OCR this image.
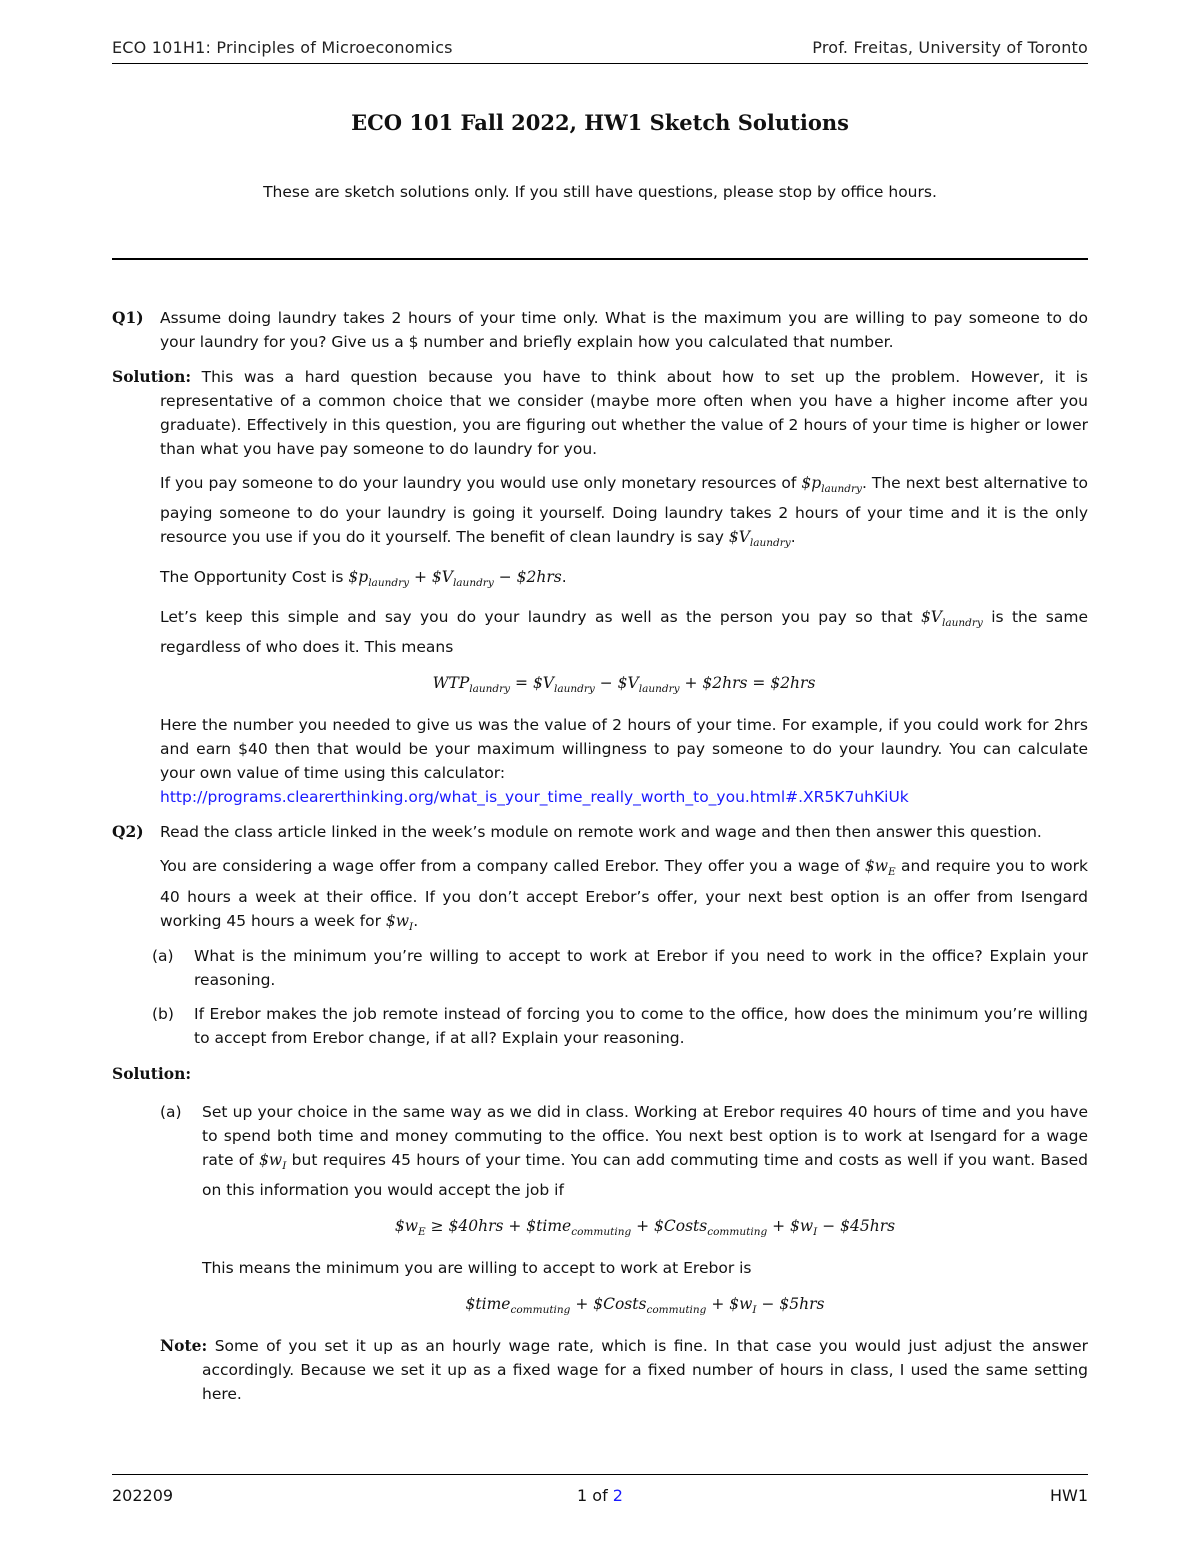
ECO 101H1: Principles of Microeconomics	Prof. Freitas, University of Toronto
ECO 101 Fall 2022, HW1 Sketch Solutions
These are sketch solutions only. If you still have questions, please stop by office hours.
Q1) Assume doing laundry takes 2 hours of your time only. What is the maximum you are willing to pay someone to do your laundry for you? Give us a $ number and briefly explain how you calculated that number.

Solution: This was a hard question because you have to think about how to set up the problem. However, it is representative of a common choice that we consider (maybe more often when you have a higher income after you graduate). Effectively in this question, you are figuring out whether the value of 2 hours of your time is higher or lower than what you have pay someone to do laundry for you.

If you pay someone to do your laundry you would use only monetary resources of $\$p_{laundry}$. The next best alternative to paying someone to do your laundry is going it yourself. Doing laundry takes 2 hours of your time and it is the only resource you use if you do it yourself. The benefit of clean laundry is say $\$V_{laundry}$.

The Opportunity Cost is $\$p_{laundry}$ + $\$V_{laundry}$ − $2hrs.

Let’s keep this simple and say you do your laundry as well as the person you pay so that $\$V_{laundry}$ is the same regardless of who does it. This means

$WTP_{laundry}$ = $\$V_{laundry}$ − $\$V_{laundry}$ + $2hrs = $2hrs

Here the number you needed to give us was the value of 2 hours of your time. For example, if you could work for 2hrs and earn $40 then that would be your maximum willingness to pay someone to do your laundry. You can calculate your own value of time using this calculator:

http://programs.clearerthinking.org/what_is_your_time_really_worth_to_you.html#.XR5K7uhKiUk

Q2) Read the class article linked in the week’s module on remote work and wage and then then answer this question.

You are considering a wage offer from a company called Erebor. They offer you a wage of $\$w_E$ and require you to work 40 hours a week at their office. If you don’t accept Erebor’s offer, your next best option is an offer from Isengard working 45 hours a week for $\$w_I$.

(a) What is the minimum you’re willing to accept to work at Erebor if you need to work in the office? Explain your reasoning.

(b) If Erebor makes the job remote instead of forcing you to come to the office, how does the minimum you’re willing to accept from Erebor change, if at all? Explain your reasoning.

Solution:
(a) Set up your choice in the same way as we did in class. Working at Erebor requires 40 hours of time and you have to spend both time and money commuting to the office. You next best option is to work at Isengard for a wage rate of $\$w_I$ but requires 45 hours of your time. You can add commuting time and costs as well if you want. Based on this information you would accept the job if

$\$w_E$ ≥ $40hrs + $time$_{commuting}$ + $Costs$_{commuting}$ + $\$w_I$ − $45hrs

This means the minimum you are willing to accept to work at Erebor is

$time$_{commuting}$ + $Costs$_{commuting}$ + $\$w_I$ − $5hrs

Note: Some of you set it up as an hourly wage rate, which is fine. In that case you would just adjust the answer accordingly. Because we set it up as a fixed wage for a fixed number of hours in class, I used the same setting here.

202209	1 of 2	HW1
